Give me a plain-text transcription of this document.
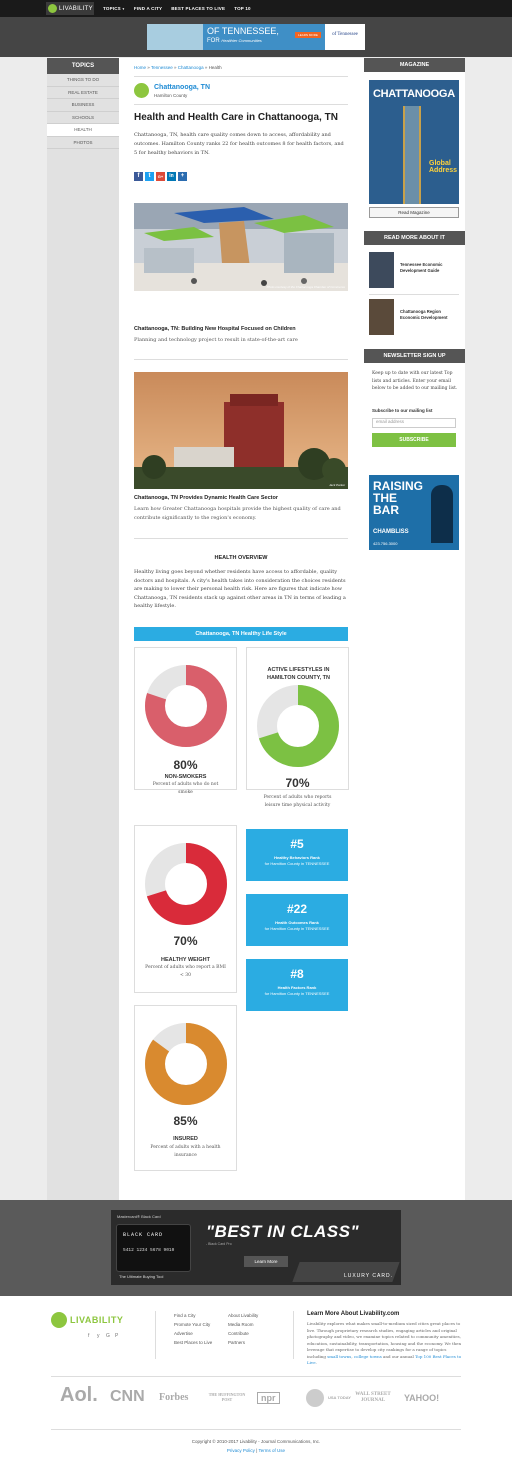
LIVABILITY TOPICS ▼ FIND A CITY BEST PLACES TO LIVE TOP 10
OF TENNESSEE,
FOR Healthier Communities
LEARN MORE	of Tennessee
TOPICS
THINGS TO DO
REAL ESTATE
BUSINESS
SCHOOLS
HEALTH
PHOTOS
Home » Tennessee » Chattanooga » Health
Chattanooga, TN
Hamilton County
Health and Health Care in Chattanooga, TN

Chattanooga, TN, health care quality comes down to access, affordability and outcomes. Hamilton County ranks 22 for health outcomes 8 for health factors, and 5 for healthy behaviors in TN.

f	t	G+	in	+
Photo courtesy of the Chattanooga Chamber of Commerce
Chattanooga, TN: Building New Hospital Focused on Children
Planning and technology project to result in state-of-the-art care
Jack Parker
Chattanooga, TN Provides Dynamic Health Care Sector
Learn how Greater Chattanooga hospitals provide the highest quality of care and contribute significantly to the region's economy.
HEALTH OVERVIEW

Healthy living goes beyond whether residents have access to affordable, quality doctors and hospitals. A city's health takes into consideration the choices residents are making to lower their personal health risk. Here are figures that indicate how Chattanooga, TN residents stack up against other areas in TN in terms of leading a healthy lifestyle.

Chattanooga, TN Healthy Life Style
80%
NON-SMOKERS
Percent of adults who do not smoke
ACTIVE LIFESTYLES IN HAMILTON COUNTY, TN
70%
Percent of adults who reports leisure time physical activity
70%
HEALTHY WEIGHT
Percent of adults who report a BMI < 30
#5
Healthy Behaviors Rank
for Hamilton County in TENNESSEE
#22
Health Outcomes Rank
for Hamilton County in TENNESSEE
#8
Health Factors Rank
for Hamilton County in TENNESSEE
85%
INSURED
Percent of adults with a health insurance
MAGAZINE
CHATTANOOGA
Global Address
Read Magazine
READ MORE ABOUT IT
Tennessee Economic Development Guide
Chattanooga Region Economic Development
NEWSLETTER SIGN UP

Keep up to date with our latest Top lists and articles. Enter your email below to be added to our mailing list.

Subscribe to our mailing list
email address
SUBSCRIBE
RAISING
THE
BAR
CHAMBLISS
423.756.3000
Mastercard® Black Card
BLACK CARD
5412 1234 5678 9010
"BEST IN CLASS"
- Black Card Pro
Learn More
The Ultimate Buying Tool	LUXURY CARD.
LIVABILITY
f y G P
Find a City
Promote Your City
Advertise
Best Places to Live
About Livability
Media Room
Contribute
Partners
Learn More About Livability.com

Livability explores what makes small-to-medium sized cities great places to live. Through proprietary research studies, engaging articles and original photography and video, we examine topics related to community amenities, education, sustainability, transportation, housing and the economy. We then leverage that expertise to develop city rankings for a range of topics including small towns, college towns and our annual Top 100 Best Places to Live.

Aol. CNN Forbes	THE HUFFINGTON POST	npr	USA TODAY
WALL STREET JOURNAL	YAHOO!
Copyright © 2010-2017 Livability - Journal Communications, Inc.
Privacy Policy | Terms of Use
